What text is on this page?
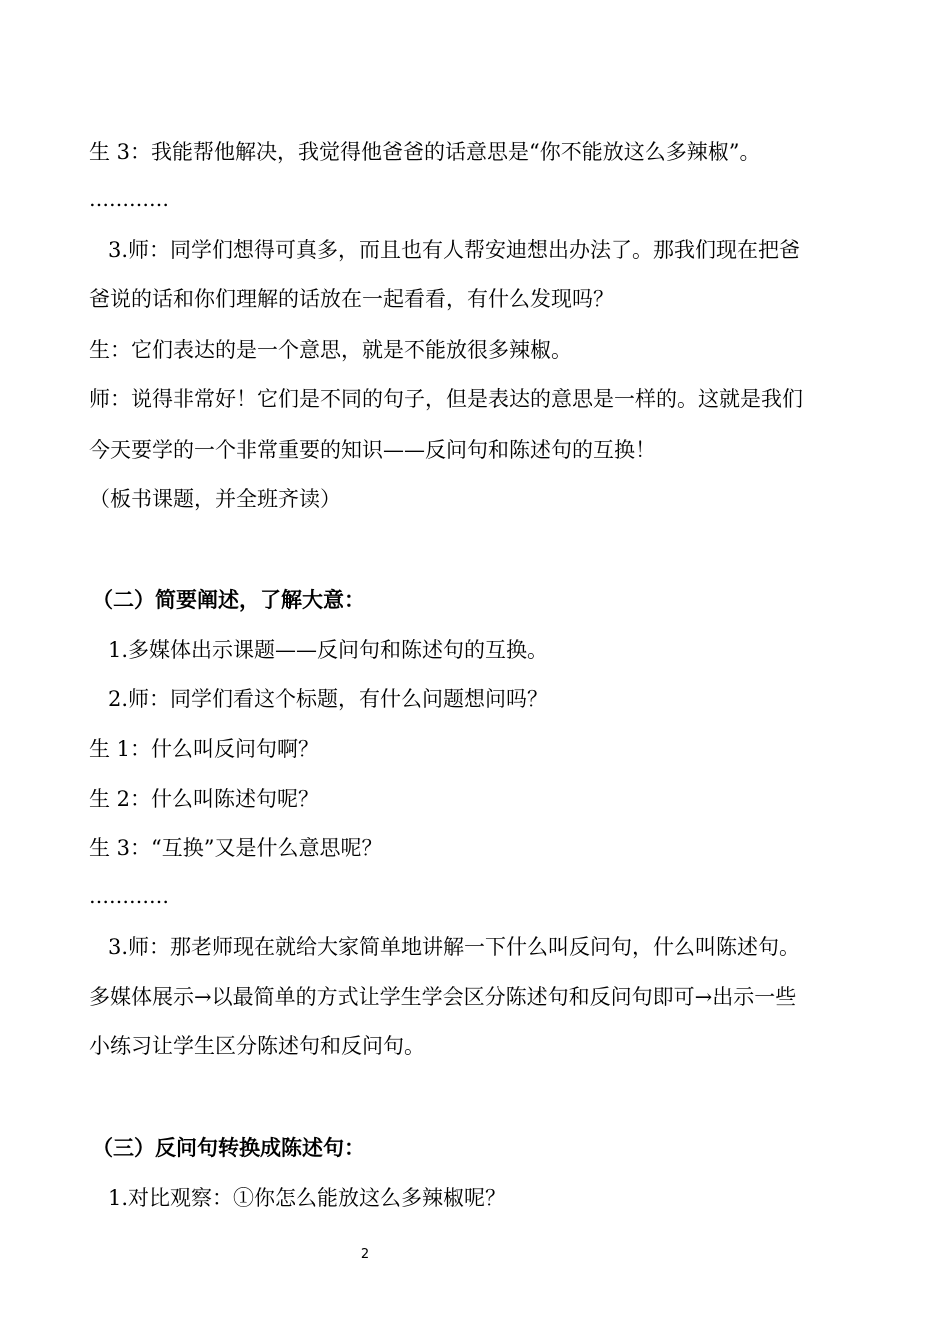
生 3：我能帮他解决，我觉得他爸爸的话意思是“你不能放这么多辣椒”。
…………
3.师：同学们想得可真多，而且也有人帮安迪想出办法了。那我们现在把爸
爸说的话和你们理解的话放在一起看看，有什么发现吗？
生：它们表达的是一个意思，就是不能放很多辣椒。
师：说得非常好！它们是不同的句子，但是表达的意思是一样的。这就是我们
今天要学的一个非常重要的知识——反问句和陈述句的互换！
（板书课题，并全班齐读）
（二）简要阐述，了解大意：
1.多媒体出示课题——反问句和陈述句的互换。
2.师：同学们看这个标题，有什么问题想问吗？
生 1：什么叫反问句啊？
生 2：什么叫陈述句呢？
生 3：“互换”又是什么意思呢？
…………
3.师：那老师现在就给大家简单地讲解一下什么叫反问句，什么叫陈述句。
多媒体展示→以最简单的方式让学生学会区分陈述句和反问句即可→出示一些
小练习让学生区分陈述句和反问句。
（三）反问句转换成陈述句：
1.对比观察：①你怎么能放这么多辣椒呢？
2
